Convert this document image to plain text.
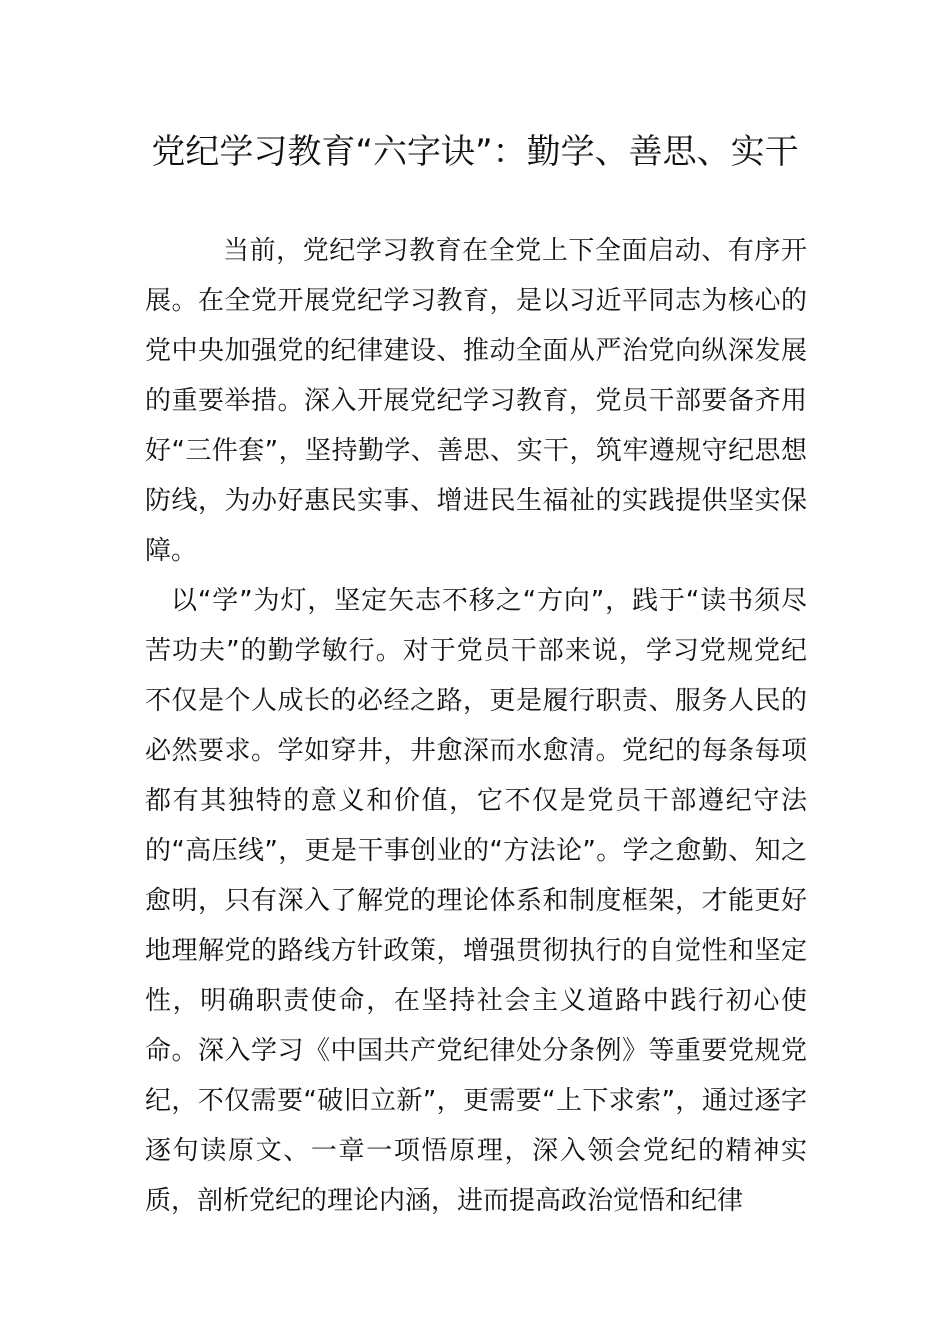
党纪学习教育“六字诀”：勤学、善思、实干

当前，党纪学习教育在全党上下全面启动、有序开展。在全党开展党纪学习教育，是以习近平同志为核心的党中央加强党的纪律建设、推动全面从严治党向纵深发展的重要举措。深入开展党纪学习教育，党员干部要备齐用好“三件套”，坚持勤学、善思、实干，筑牢遵规守纪思想防线，为办好惠民实事、增进民生福祉的实践提供坚实保障。

以“学”为灯，坚定矢志不移之“方向”，践于“读书须尽苦功夫”的勤学敏行。对于党员干部来说，学习党规党纪不仅是个人成长的必经之路，更是履行职责、服务人民的必然要求。学如穿井，井愈深而水愈清。党纪的每条每项都有其独特的意义和价值，它不仅是党员干部遵纪守法的“高压线”，更是干事创业的“方法论”。学之愈勤、知之愈明，只有深入了解党的理论体系和制度框架，才能更好地理解党的路线方针政策，增强贯彻执行的自觉性和坚定性，明确职责使命，在坚持社会主义道路中践行初心使命。深入学习《中国共产党纪律处分条例》等重要党规党纪，不仅需要“破旧立新”，更需要“上下求索”，通过逐字逐句读原文、一章一项悟原理，深入领会党纪的精神实质，剖析党纪的理论内涵，进而提高政治觉悟和纪律
